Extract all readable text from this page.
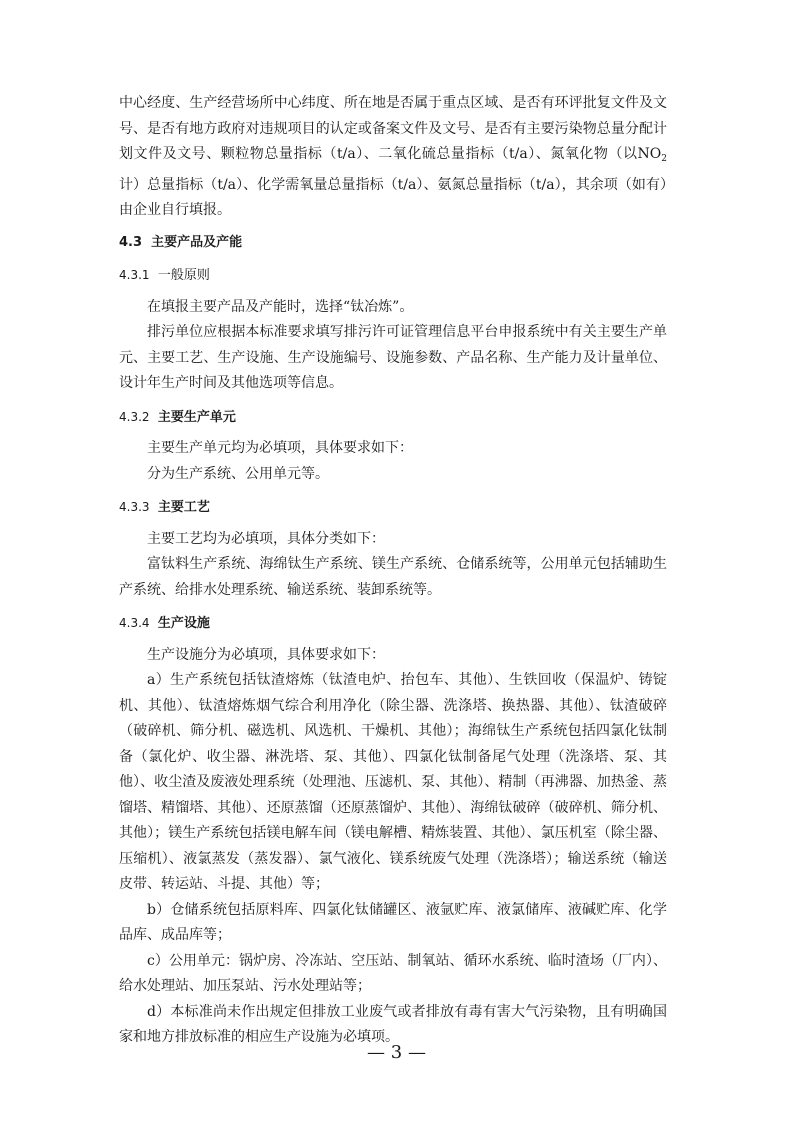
中心经度、生产经营场所中心纬度、所在地是否属于重点区域、是否有环评批复文件及文号、是否有地方政府对违规项目的认定或备案文件及文号、是否有主要污染物总量分配计划文件及文号、颗粒物总量指标（t/a）、二氧化硫总量指标（t/a）、氮氧化物（以$NO_2$计）总量指标（t/a）、化学需氧量总量指标（t/a）、氨氮总量指标（t/a），其余项（如有）由企业自行填报。

4.3 主要产品及产能

4.3.1 一般原则

在填报主要产品及产能时，选择“钛冶炼”。

排污单位应根据本标准要求填写排污许可证管理信息平台申报系统中有关主要生产单元、主要工艺、生产设施、生产设施编号、设施参数、产品名称、生产能力及计量单位、设计年生产时间及其他选项等信息。

4.3.2 主要生产单元

主要生产单元均为必填项，具体要求如下：

分为生产系统、公用单元等。

4.3.3 主要工艺

主要工艺均为必填项，具体分类如下：

富钛料生产系统、海绵钛生产系统、镁生产系统、仓储系统等，公用单元包括辅助生产系统、给排水处理系统、输送系统、装卸系统等。

4.3.4 生产设施

生产设施分为必填项，具体要求如下：

a）生产系统包括钛渣熔炼（钛渣电炉、抬包车、其他）、生铁回收（保温炉、铸锭机、其他）、钛渣熔炼烟气综合利用净化（除尘器、洗涤塔、换热器、其他）、钛渣破碎（破碎机、筛分机、磁选机、风选机、干燥机、其他）；海绵钛生产系统包括四氯化钛制备（氯化炉、收尘器、淋洗塔、泵、其他）、四氯化钛制备尾气处理（洗涤塔、泵、其他）、收尘渣及废液处理系统（处理池、压滤机、泵、其他）、精制（再沸器、加热釜、蒸馏塔、精馏塔、其他）、还原蒸馏（还原蒸馏炉、其他）、海绵钛破碎（破碎机、筛分机、其他）；镁生产系统包括镁电解车间（镁电解槽、精炼装置、其他）、氯压机室（除尘器、压缩机）、液氯蒸发（蒸发器）、氯气液化、镁系统废气处理（洗涤塔）；输送系统（输送皮带、转运站、斗提、其他）等；

b）仓储系统包括原料库、四氯化钛储罐区、液氩贮库、液氯储库、液碱贮库、化学品库、成品库等；

c）公用单元：锅炉房、冷冻站、空压站、制氧站、循环水系统、临时渣场（厂内）、给水处理站、加压泵站、污水处理站等；

d）本标准尚未作出规定但排放工业废气或者排放有毒有害大气污染物，且有明确国家和地方排放标准的相应生产设施为必填项。

— 3 —
